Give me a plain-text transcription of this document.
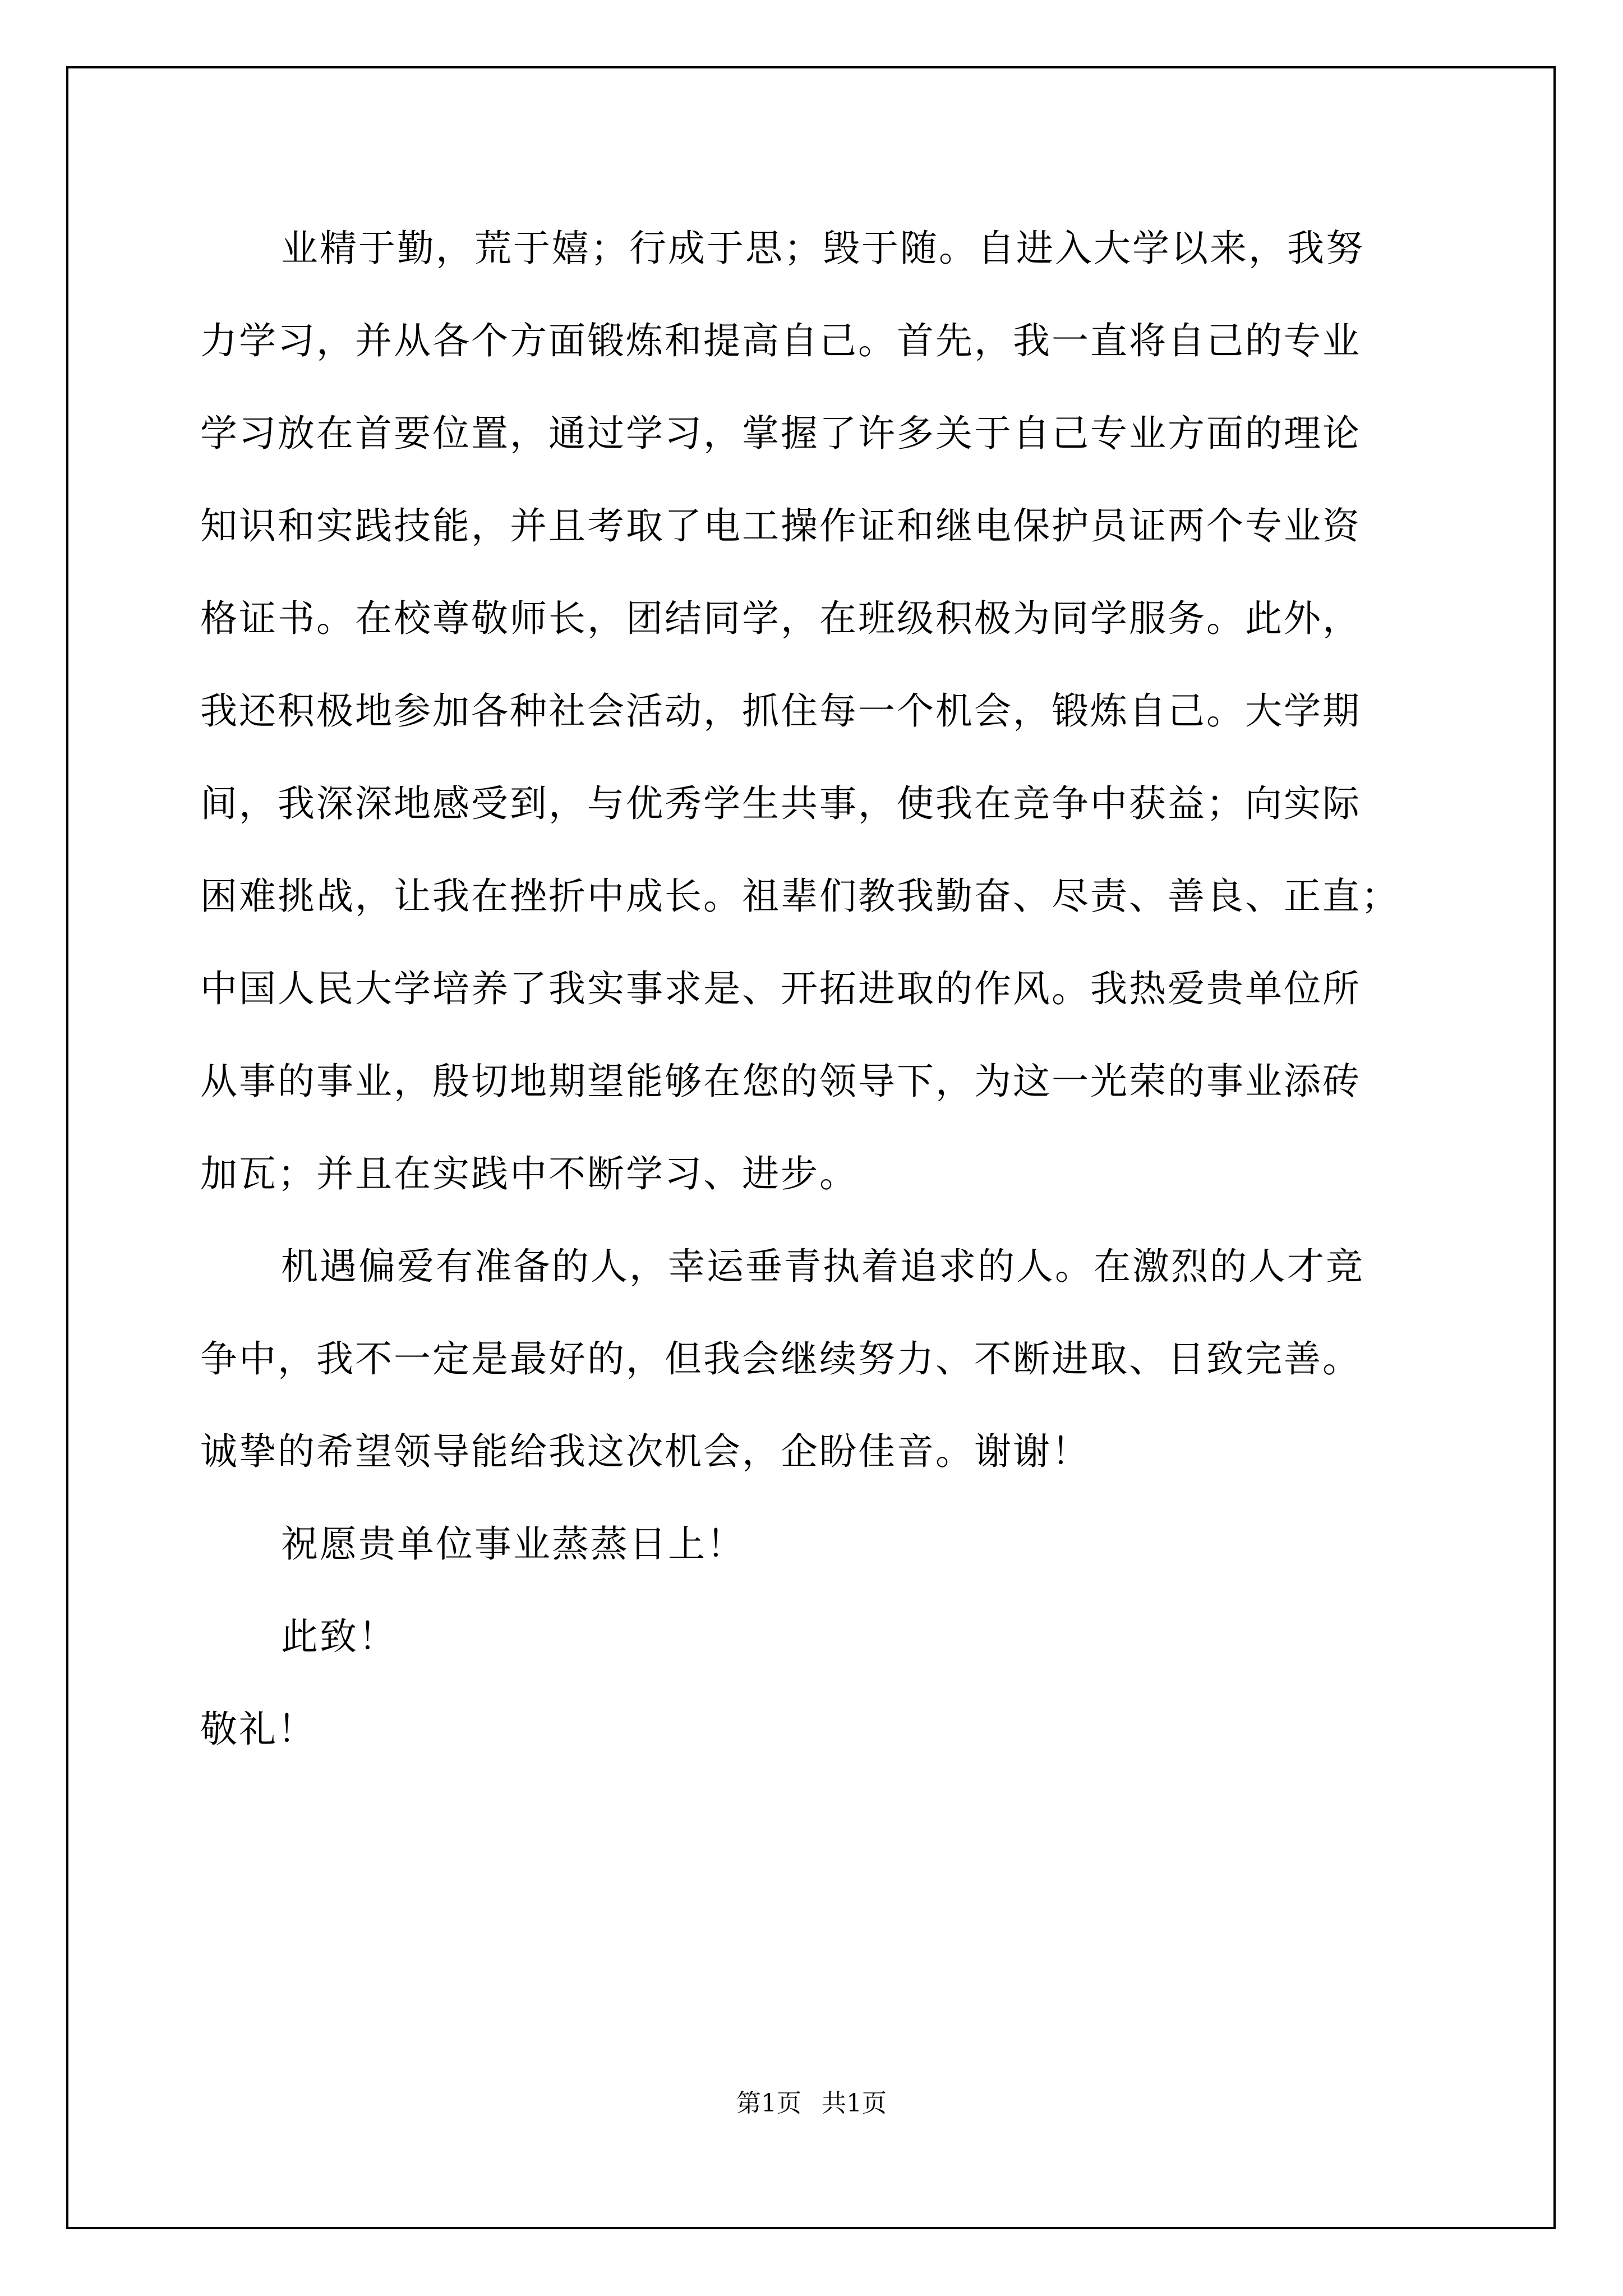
业精于勤，荒于嬉；行成于思；毁于随。自进入大学以来，我努
力学习，并从各个方面锻炼和提高自己。首先，我一直将自己的专业
学习放在首要位置，通过学习，掌握了许多关于自己专业方面的理论
知识和实践技能，并且考取了电工操作证和继电保护员证两个专业资
格证书。在校尊敬师长，团结同学，在班级积极为同学服务。此外，
我还积极地参加各种社会活动，抓住每一个机会，锻炼自己。大学期
间，我深深地感受到，与优秀学生共事，使我在竞争中获益；向实际
困难挑战，让我在挫折中成长。祖辈们教我勤奋、尽责、善良、正直；
中国人民大学培养了我实事求是、开拓进取的作风。我热爱贵单位所
从事的事业，殷切地期望能够在您的领导下，为这一光荣的事业添砖
加瓦；并且在实践中不断学习、进步。
机遇偏爱有准备的人，幸运垂青执着追求的人。在激烈的人才竞
争中，我不一定是最好的，但我会继续努力、不断进取、日致完善。
诚挚的希望领导能给我这次机会，企盼佳音。谢谢！
祝愿贵单位事业蒸蒸日上！
此致！
敬礼！
第1页 共1页
